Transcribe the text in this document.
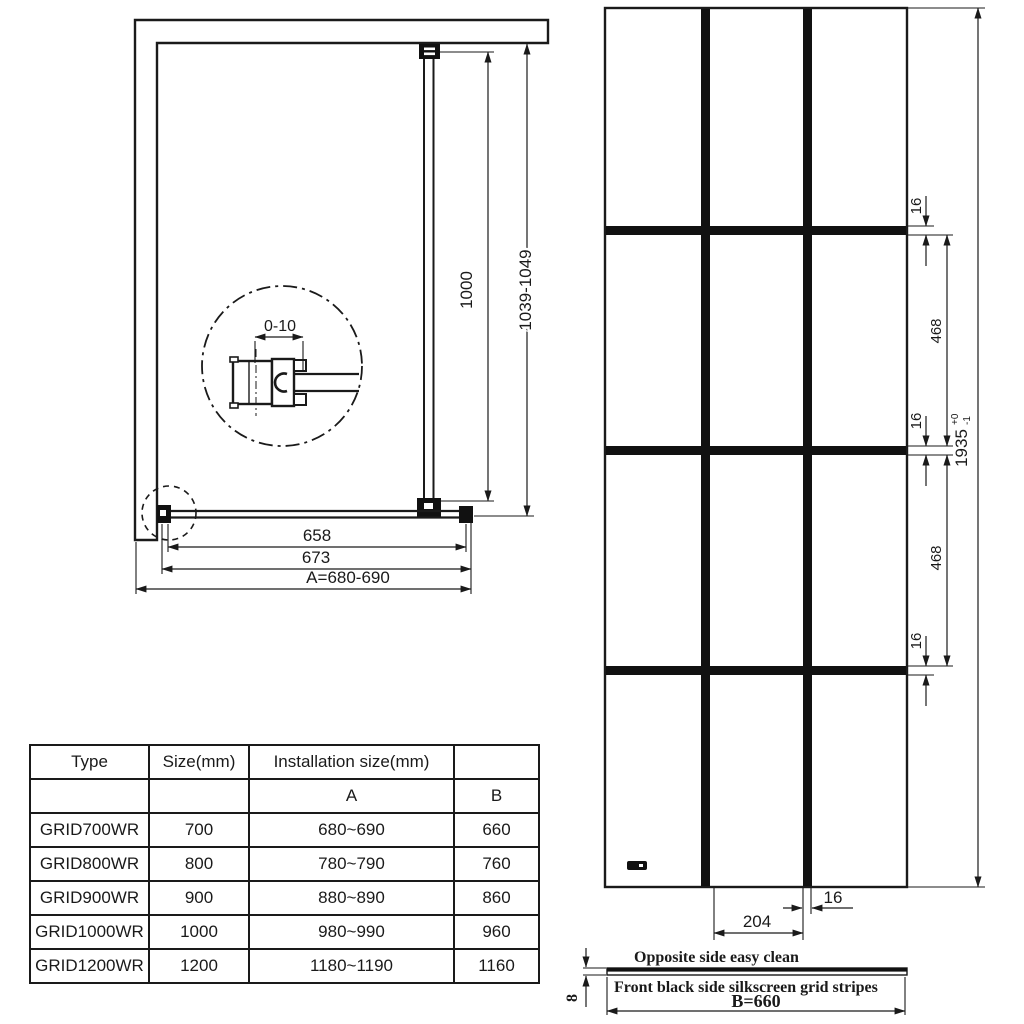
0-10
1000 1039-1049
658
673
A=680-690
16
16
16
468
468
1935
+0 -1
16
204
Opposite side easy clean
Front black side silkscreen grid stripes
B=660
8
Type	Size(mm)	Installation size(mm)	
		A	B
GRID700WR	700	680~690	660
GRID800WR	800	780~790	760
GRID900WR	900	880~890	860
GRID1000WR	1000	980~990	960
GRID1200WR	1200	1180~1190	1160
